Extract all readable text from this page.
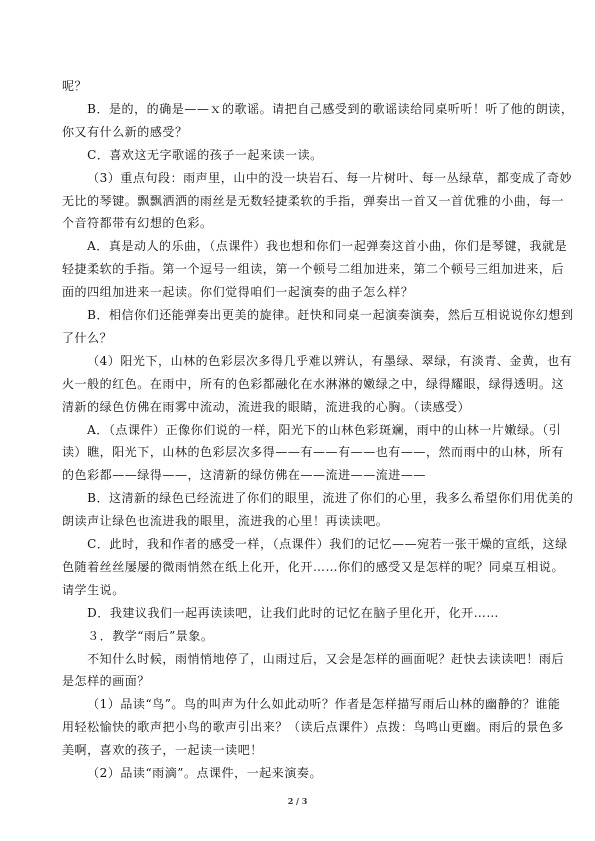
呢？
B．是的，的确是——ｘ的歌谣。请把自己感受到的歌谣读给同桌听听！听了他的朗读，
你又有什么新的感受？
C．喜欢这无字歌谣的孩子一起来读一读。
（3）重点句段：雨声里，山中的没一块岩石、每一片树叶、每一丛绿草，都变成了奇妙
无比的琴键。飘飘洒洒的雨丝是无数轻捷柔软的手指，弹奏出一首又一首优雅的小曲，每一
个音符都带有幻想的色彩。
A．真是动人的乐曲，（点课件）我也想和你们一起弹奏这首小曲，你们是琴键，我就是
轻捷柔软的手指。第一个逗号一组读，第一个顿号二组加进来，第二个顿号三组加进来，后
面的四组加进来一起读。你们觉得咱们一起演奏的曲子怎么样？
B．相信你们还能弹奏出更美的旋律。赶快和同桌一起演奏演奏，然后互相说说你幻想到
了什么？
（4）阳光下，山林的色彩层次多得几乎难以辨认，有墨绿、翠绿，有淡青、金黄，也有
火一般的红色。在雨中，所有的色彩都融化在水淋淋的嫩绿之中，绿得耀眼，绿得透明。这
清新的绿色仿佛在雨雾中流动，流进我的眼睛，流进我的心胸。（读感受）
A．（点课件）正像你们说的一样，阳光下的山林色彩斑斓，雨中的山林一片嫩绿。（引
读）瞧，阳光下，山林的色彩层次多得——有——有——也有——，然而雨中的山林，所有
的色彩都——绿得——，这清新的绿仿佛在——流进——流进——
B．这清新的绿色已经流进了你们的眼里，流进了你们的心里，我多么希望你们用优美的
朗读声让绿色也流进我的眼里，流进我的心里！再读读吧。
C．此时，我和作者的感受一样，（点课件）我们的记忆——宛若一张干燥的宣纸，这绿
色随着丝丝屡屡的微雨悄然在纸上化开，化开……你们的感受又是怎样的呢？同桌互相说。
请学生说。
D．我建议我们一起再读读吧，让我们此时的记忆在脑子里化开，化开……
３．教学“雨后”景象。
不知什么时候，雨悄悄地停了，山雨过后，又会是怎样的画面呢？赶快去读读吧！雨后
是怎样的画面？
（1）品读“鸟”。鸟的叫声为什么如此动听？作者是怎样描写雨后山林的幽静的？谁能
用轻松愉快的歌声把小鸟的歌声引出来？（读后点课件）点拨：鸟鸣山更幽。雨后的景色多
美啊，喜欢的孩子，一起读一读吧！
（2）品读“雨滴”。点课件，一起来演奏。
2 / 3
